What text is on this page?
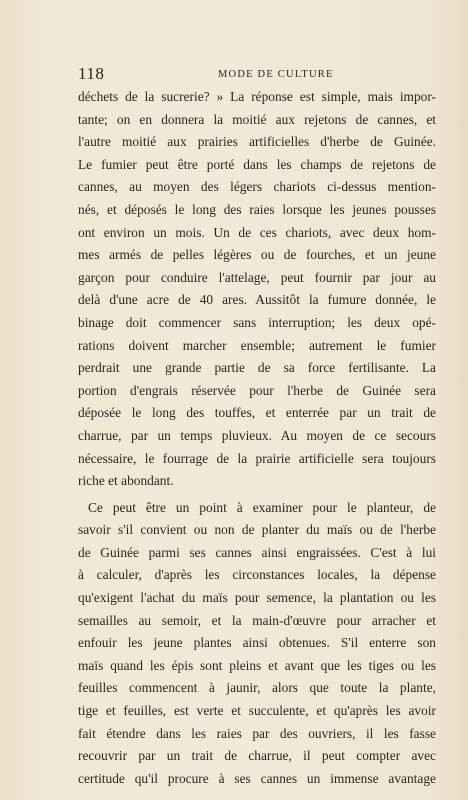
118	MODE DE CULTURE

déchets de la sucrerie? » La réponse est simple, mais impor-
tante; on en donnera la moitié aux rejetons de cannes, et
l'autre moitié aux prairies artificielles d'herbe de Guinée.
Le fumier peut être porté dans les champs de rejetons de
cannes, au moyen des légers chariots ci-dessus mention-
nés, et déposés le long des raies lorsque les jeunes pousses
ont environ un mois. Un de ces chariots, avec deux hom-
mes armés de pelles légères ou de fourches, et un jeune
garçon pour conduire l'attelage, peut fournir par jour au
delà d'une acre de 40 ares. Aussitôt la fumure donnée, le
binage doit commencer sans interruption; les deux opé-
rations doivent marcher ensemble; autrement le fumier
perdrait une grande partie de sa force fertilisante. La
portion d'engrais réservée pour l'herbe de Guinée sera
déposée le long des touffes, et enterrée par un trait de
charrue, par un temps pluvieux. Au moyen de ce secours
nécessaire, le fourrage de la prairie artificielle sera toujours
riche et abondant.

Ce peut être un point à examiner pour le planteur, de
savoir s'il convient ou non de planter du maïs ou de l'herbe
de Guinée parmi ses cannes ainsi engraissées. C'est à lui
à calculer, d'après les circonstances locales, la dépense
qu'exigent l'achat du maïs pour semence, la plantation ou les
semailles au semoir, et la main-d'œuvre pour arracher et
enfouir les jeune plantes ainsi obtenues. S'il enterre son
maïs quand les épis sont pleins et avant que les tiges ou les
feuilles commencent à jaunir, alors que toute la plante,
tige et feuilles, est verte et succulente, et qu'après les avoir
fait étendre dans les raies par des ouvriers, il les fasse
recouvrir par un trait de charrue, il peut compter avec
certitude qu'il procure à ses cannes un immense avantage
